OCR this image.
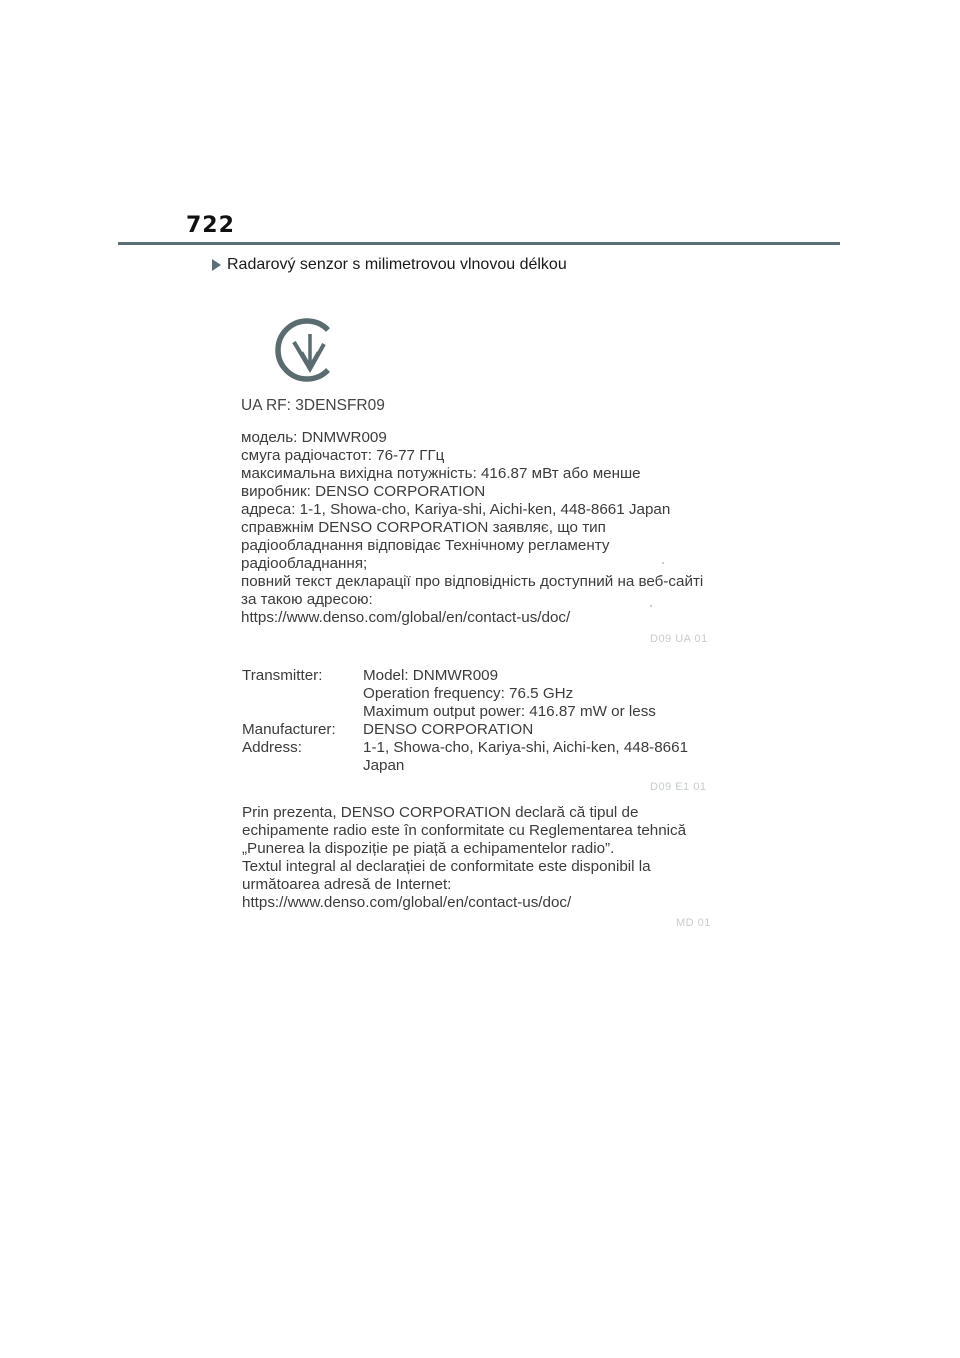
722
Radarový senzor s milimetrovou vlnovou délkou
UA RF: 3DENSFR09
модель: DNMWR009
смуга радіочастот: 76-77 ГГц
максимальна вихідна потужність: 416.87 мВт або менше
виробник: DENSO CORPORATION
адреса: 1-1, Showa-cho, Kariya-shi, Aichi-ken, 448-8661 Japan
справжнім DENSO CORPORATION заявляє, що тип
радіообладнання відповідає Технічному регламенту
радіообладнання;
повний текст декларації про відповідність доступний на веб-сайті
за такою адресою:
https://www.denso.com/global/en/contact-us/doc/
D09 UA 01
Transmitter:	Model: DNMWR009
	Operation frequency: 76.5 GHz
	Maximum output power: 416.87 mW or less
Manufacturer:	DENSO CORPORATION
Address:	1-1, Showa-cho, Kariya-shi, Aichi-ken, 448-8661
	Japan
D09 E1 01
Prin prezenta, DENSO CORPORATION declară că tipul de
echipamente radio este în conformitate cu Reglementarea tehnică
„Punerea la dispoziție pe piață a echipamentelor radio”.
Textul integral al declarației de conformitate este disponibil la
următoarea adresă de Internet:
https://www.denso.com/global/en/contact-us/doc/
MD 01
